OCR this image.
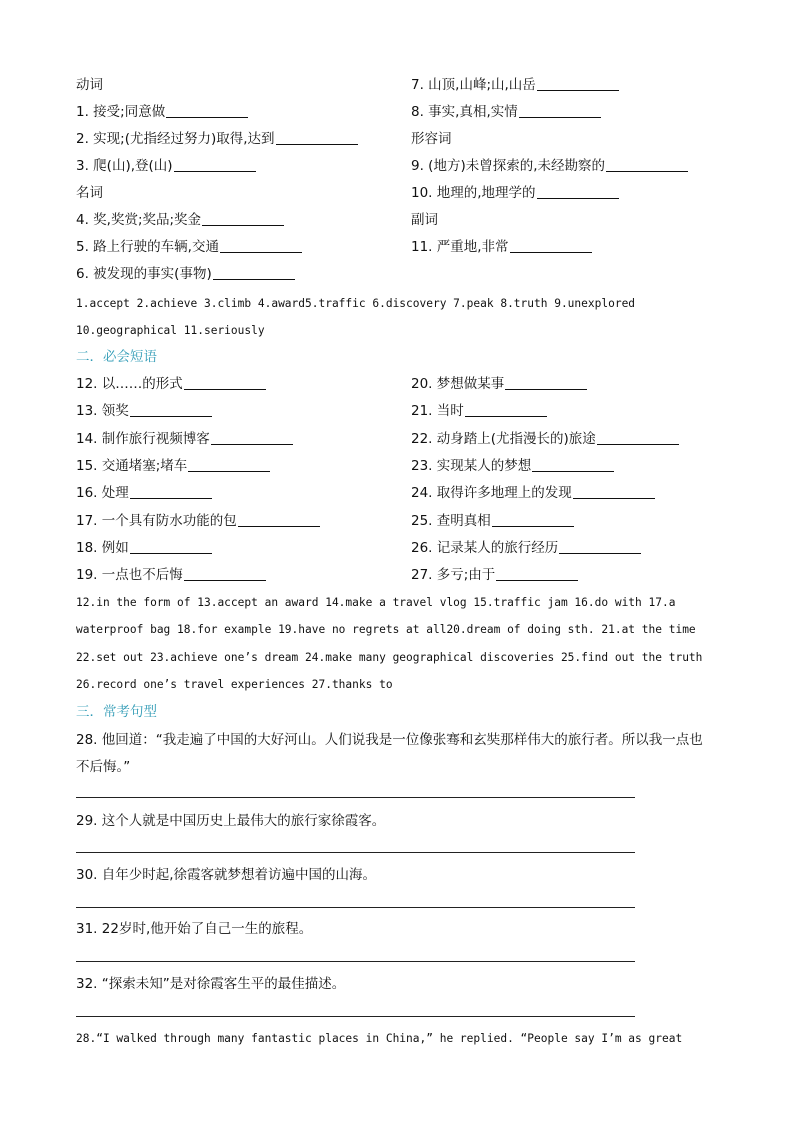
动词
1. 接受;同意做
2. 实现;(尤指经过努力)取得,达到
3. 爬(山),登(山)
名词
4. 奖,奖赏;奖品;奖金
5. 路上行驶的车辆,交通
6. 被发现的事实(事物)
7. 山顶,山峰;山,山岳
8. 事实,真相,实情
形容词
9. (地方)未曾探索的,未经勘察的
10. 地理的,地理学的
副词
11. 严重地,非常
1.accept 2.achieve 3.climb 4.award5.traffic 6.discovery 7.peak 8.truth 9.unexplored
10.geographical 11.seriously
二．必会短语
12. 以……的形式
13. 领奖
14. 制作旅行视频博客
15. 交通堵塞;堵车
16. 处理
17. 一个具有防水功能的包
18. 例如
19. 一点也不后悔
20. 梦想做某事
21. 当时
22. 动身踏上(尤指漫长的)旅途
23. 实现某人的梦想
24. 取得许多地理上的发现
25. 查明真相
26. 记录某人的旅行经历
27. 多亏;由于
12.in the form of 13.accept an award 14.make a travel vlog 15.traffic jam 16.do with 17.a
waterproof bag 18.for example 19.have no regrets at all20.dream of doing sth. 21.at the time
22.set out 23.achieve one’s dream 24.make many geographical discoveries 25.find out the truth
26.record one’s travel experiences 27.thanks to
三．常考句型
28. 他回道：“我走遍了中国的大好河山。人们说我是一位像张骞和玄奘那样伟大的旅行者。所以我一点也
不后悔。”
29. 这个人就是中国历史上最伟大的旅行家徐霞客。
30. 自年少时起,徐霞客就梦想着访遍中国的山海。
31. 22岁时,他开始了自己一生的旅程。
32. “探索未知”是对徐霞客生平的最佳描述。
28.“I walked through many fantastic places in China,” he replied. “People say I’m as great
